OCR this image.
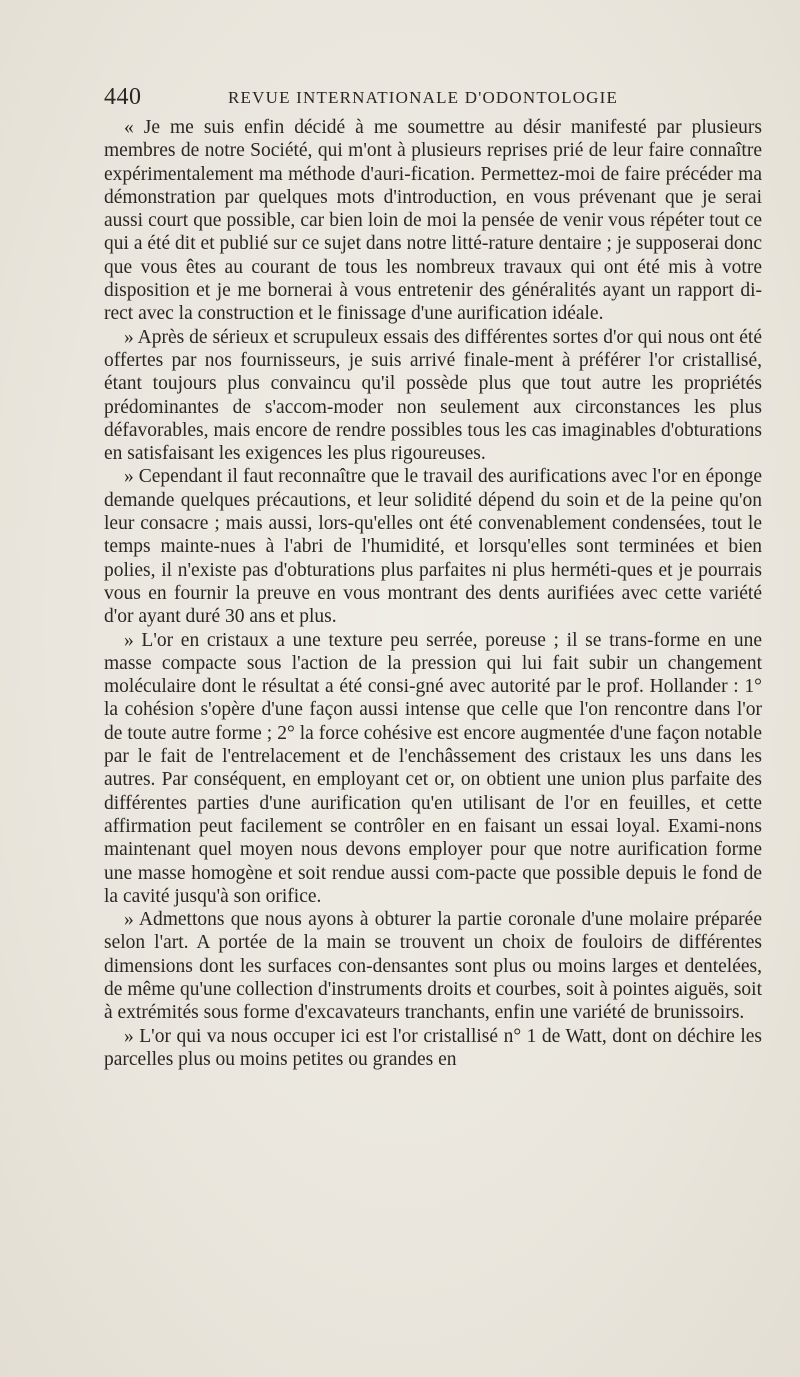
440	REVUE INTERNATIONALE D'ODONTOLOGIE

« Je me suis enfin décidé à me soumettre au désir manifesté par plusieurs membres de notre Société, qui m'ont à plusieurs reprises prié de leur faire connaître expérimentalement ma méthode d'auri-fication. Permettez-moi de faire précéder ma démonstration par quelques mots d'introduction, en vous prévenant que je serai aussi court que possible, car bien loin de moi la pensée de venir vous répéter tout ce qui a été dit et publié sur ce sujet dans notre litté-rature dentaire ; je supposerai donc que vous êtes au courant de tous les nombreux travaux qui ont été mis à votre disposition et je me bornerai à vous entretenir des généralités ayant un rapport di-rect avec la construction et le finissage d'une aurification idéale.

» Après de sérieux et scrupuleux essais des différentes sortes d'or qui nous ont été offertes par nos fournisseurs, je suis arrivé finale-ment à préférer l'or cristallisé, étant toujours plus convaincu qu'il possède plus que tout autre les propriétés prédominantes de s'accom-moder non seulement aux circonstances les plus défavorables, mais encore de rendre possibles tous les cas imaginables d'obturations en satisfaisant les exigences les plus rigoureuses.

» Cependant il faut reconnaître que le travail des aurifications avec l'or en éponge demande quelques précautions, et leur solidité dépend du soin et de la peine qu'on leur consacre ; mais aussi, lors-qu'elles ont été convenablement condensées, tout le temps mainte-nues à l'abri de l'humidité, et lorsqu'elles sont terminées et bien polies, il n'existe pas d'obturations plus parfaites ni plus herméti-ques et je pourrais vous en fournir la preuve en vous montrant des dents aurifiées avec cette variété d'or ayant duré 30 ans et plus.

» L'or en cristaux a une texture peu serrée, poreuse ; il se trans-forme en une masse compacte sous l'action de la pression qui lui fait subir un changement moléculaire dont le résultat a été consi-gné avec autorité par le prof. Hollander : 1° la cohésion s'opère d'une façon aussi intense que celle que l'on rencontre dans l'or de toute autre forme ; 2° la force cohésive est encore augmentée d'une façon notable par le fait de l'entrelacement et de l'enchâssement des cristaux les uns dans les autres. Par conséquent, en employant cet or, on obtient une union plus parfaite des différentes parties d'une aurification qu'en utilisant de l'or en feuilles, et cette affirmation peut facilement se contrôler en en faisant un essai loyal. Exami-nons maintenant quel moyen nous devons employer pour que notre aurification forme une masse homogène et soit rendue aussi com-pacte que possible depuis le fond de la cavité jusqu'à son orifice.

» Admettons que nous ayons à obturer la partie coronale d'une molaire préparée selon l'art. A portée de la main se trouvent un choix de fouloirs de différentes dimensions dont les surfaces con-densantes sont plus ou moins larges et dentelées, de même qu'une collection d'instruments droits et courbes, soit à pointes aiguës, soit à extrémités sous forme d'excavateurs tranchants, enfin une variété de brunissoirs.

» L'or qui va nous occuper ici est l'or cristallisé n° 1 de Watt, dont on déchire les parcelles plus ou moins petites ou grandes en
